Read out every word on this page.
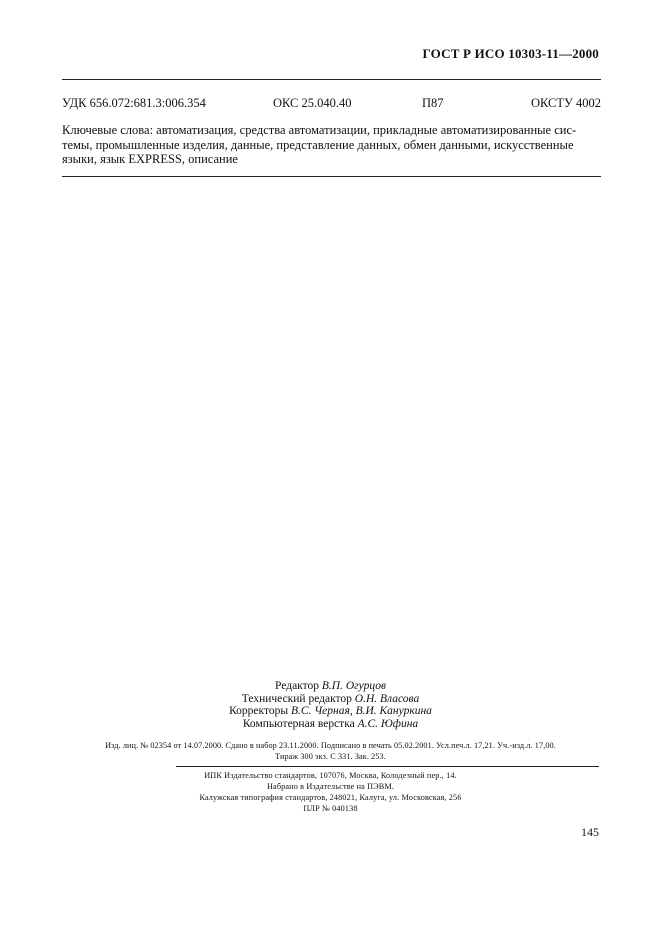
ГОСТ Р ИСО 10303-11—2000
УДК 656.072:681.3:006.354	ОКС 25.040.40	П87	ОКСТУ 4002
Ключевые слова: автоматизация, средства автоматизации, прикладные автоматизированные сис-
темы, промышленные изделия, данные, представление данных, обмен данными, искусственные
языки, язык EXPRESS, описание
Редактор В.П. Огурцов
Технический редактор О.Н. Власова
Корректоры В.С. Черная, В.И. Кануркина
Компьютерная верстка А.С. Юфина
Изд. лиц. № 02354 от 14.07.2000. Сдано в набор 23.11.2000. Подписано в печать 05.02.2001. Усл.печ.л. 17,21. Уч.-изд.л. 17,00.
Тираж 300 экз. С 331. Зак. 253.
ИПК Издательство стандартов, 107076, Москва, Колодезный пер., 14.
Набрано в Издательстве на ПЭВМ.
Калужская типография стандартов, 248021, Калуга, ул. Московская, 256
ПЛР № 040138
145
